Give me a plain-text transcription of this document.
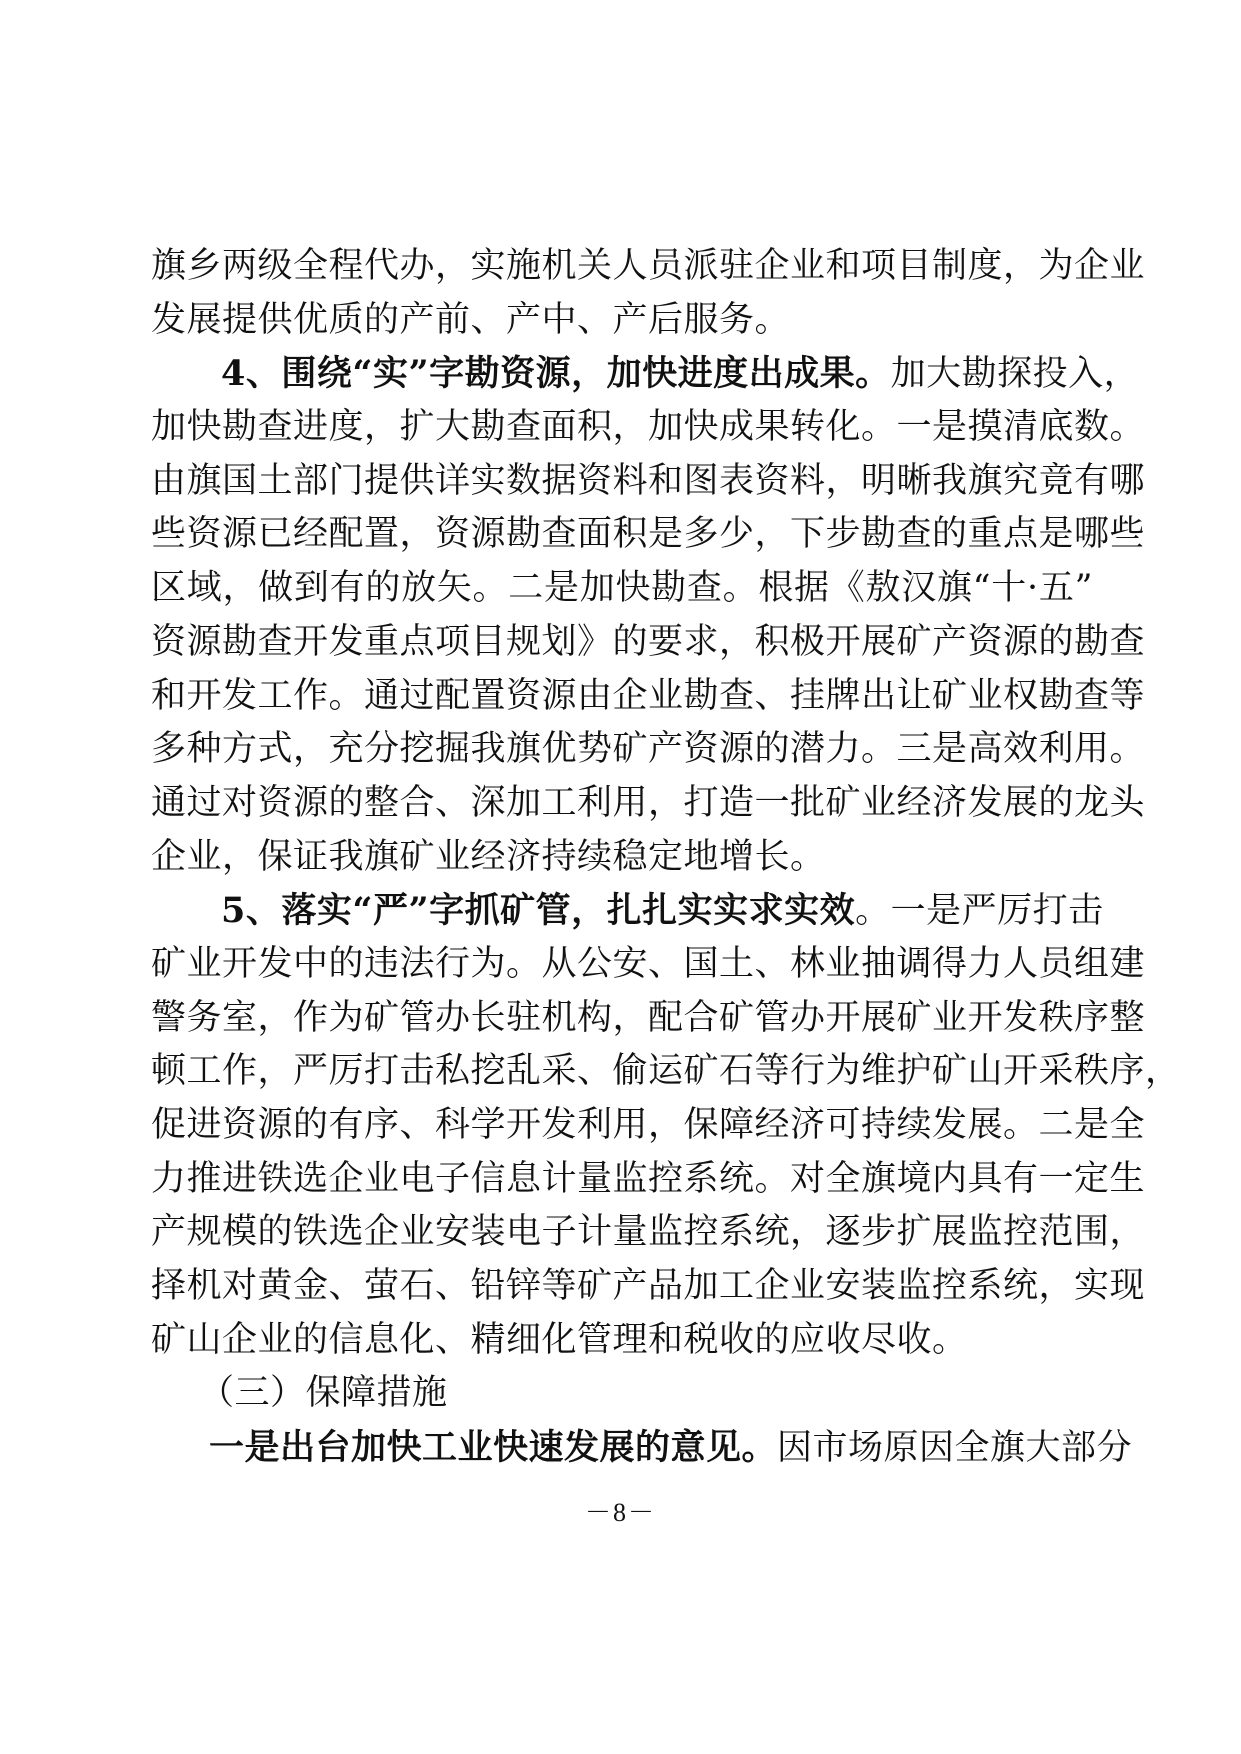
旗乡两级全程代办，实施机关人员派驻企业和项目制度，为企业
发展提供优质的产前、产中、产后服务。
4、围绕“实”字勘资源，加快进度出成果。加大勘探投入，
加快勘查进度，扩大勘查面积，加快成果转化。一是摸清底数。
由旗国土部门提供详实数据资料和图表资料，明晰我旗究竟有哪
些资源已经配置，资源勘查面积是多少，下步勘查的重点是哪些
区域，做到有的放矢。二是加快勘查。根据《敖汉旗“十·五”
资源勘查开发重点项目规划》的要求，积极开展矿产资源的勘查
和开发工作。通过配置资源由企业勘查、挂牌出让矿业权勘查等
多种方式，充分挖掘我旗优势矿产资源的潜力。三是高效利用。
通过对资源的整合、深加工利用，打造一批矿业经济发展的龙头
企业，保证我旗矿业经济持续稳定地增长。
5、落实“严”字抓矿管，扎扎实实求实效。一是严厉打击
矿业开发中的违法行为。从公安、国土、林业抽调得力人员组建
警务室，作为矿管办长驻机构，配合矿管办开展矿业开发秩序整
顿工作，严厉打击私挖乱采、偷运矿石等行为维护矿山开采秩序，
促进资源的有序、科学开发利用，保障经济可持续发展。二是全
力推进铁选企业电子信息计量监控系统。对全旗境内具有一定生
产规模的铁选企业安装电子计量监控系统，逐步扩展监控范围，
择机对黄金、萤石、铅锌等矿产品加工企业安装监控系统，实现
矿山企业的信息化、精细化管理和税收的应收尽收。
（三）保障措施
一是出台加快工业快速发展的意见。因市场原因全旗大部分
－8－
